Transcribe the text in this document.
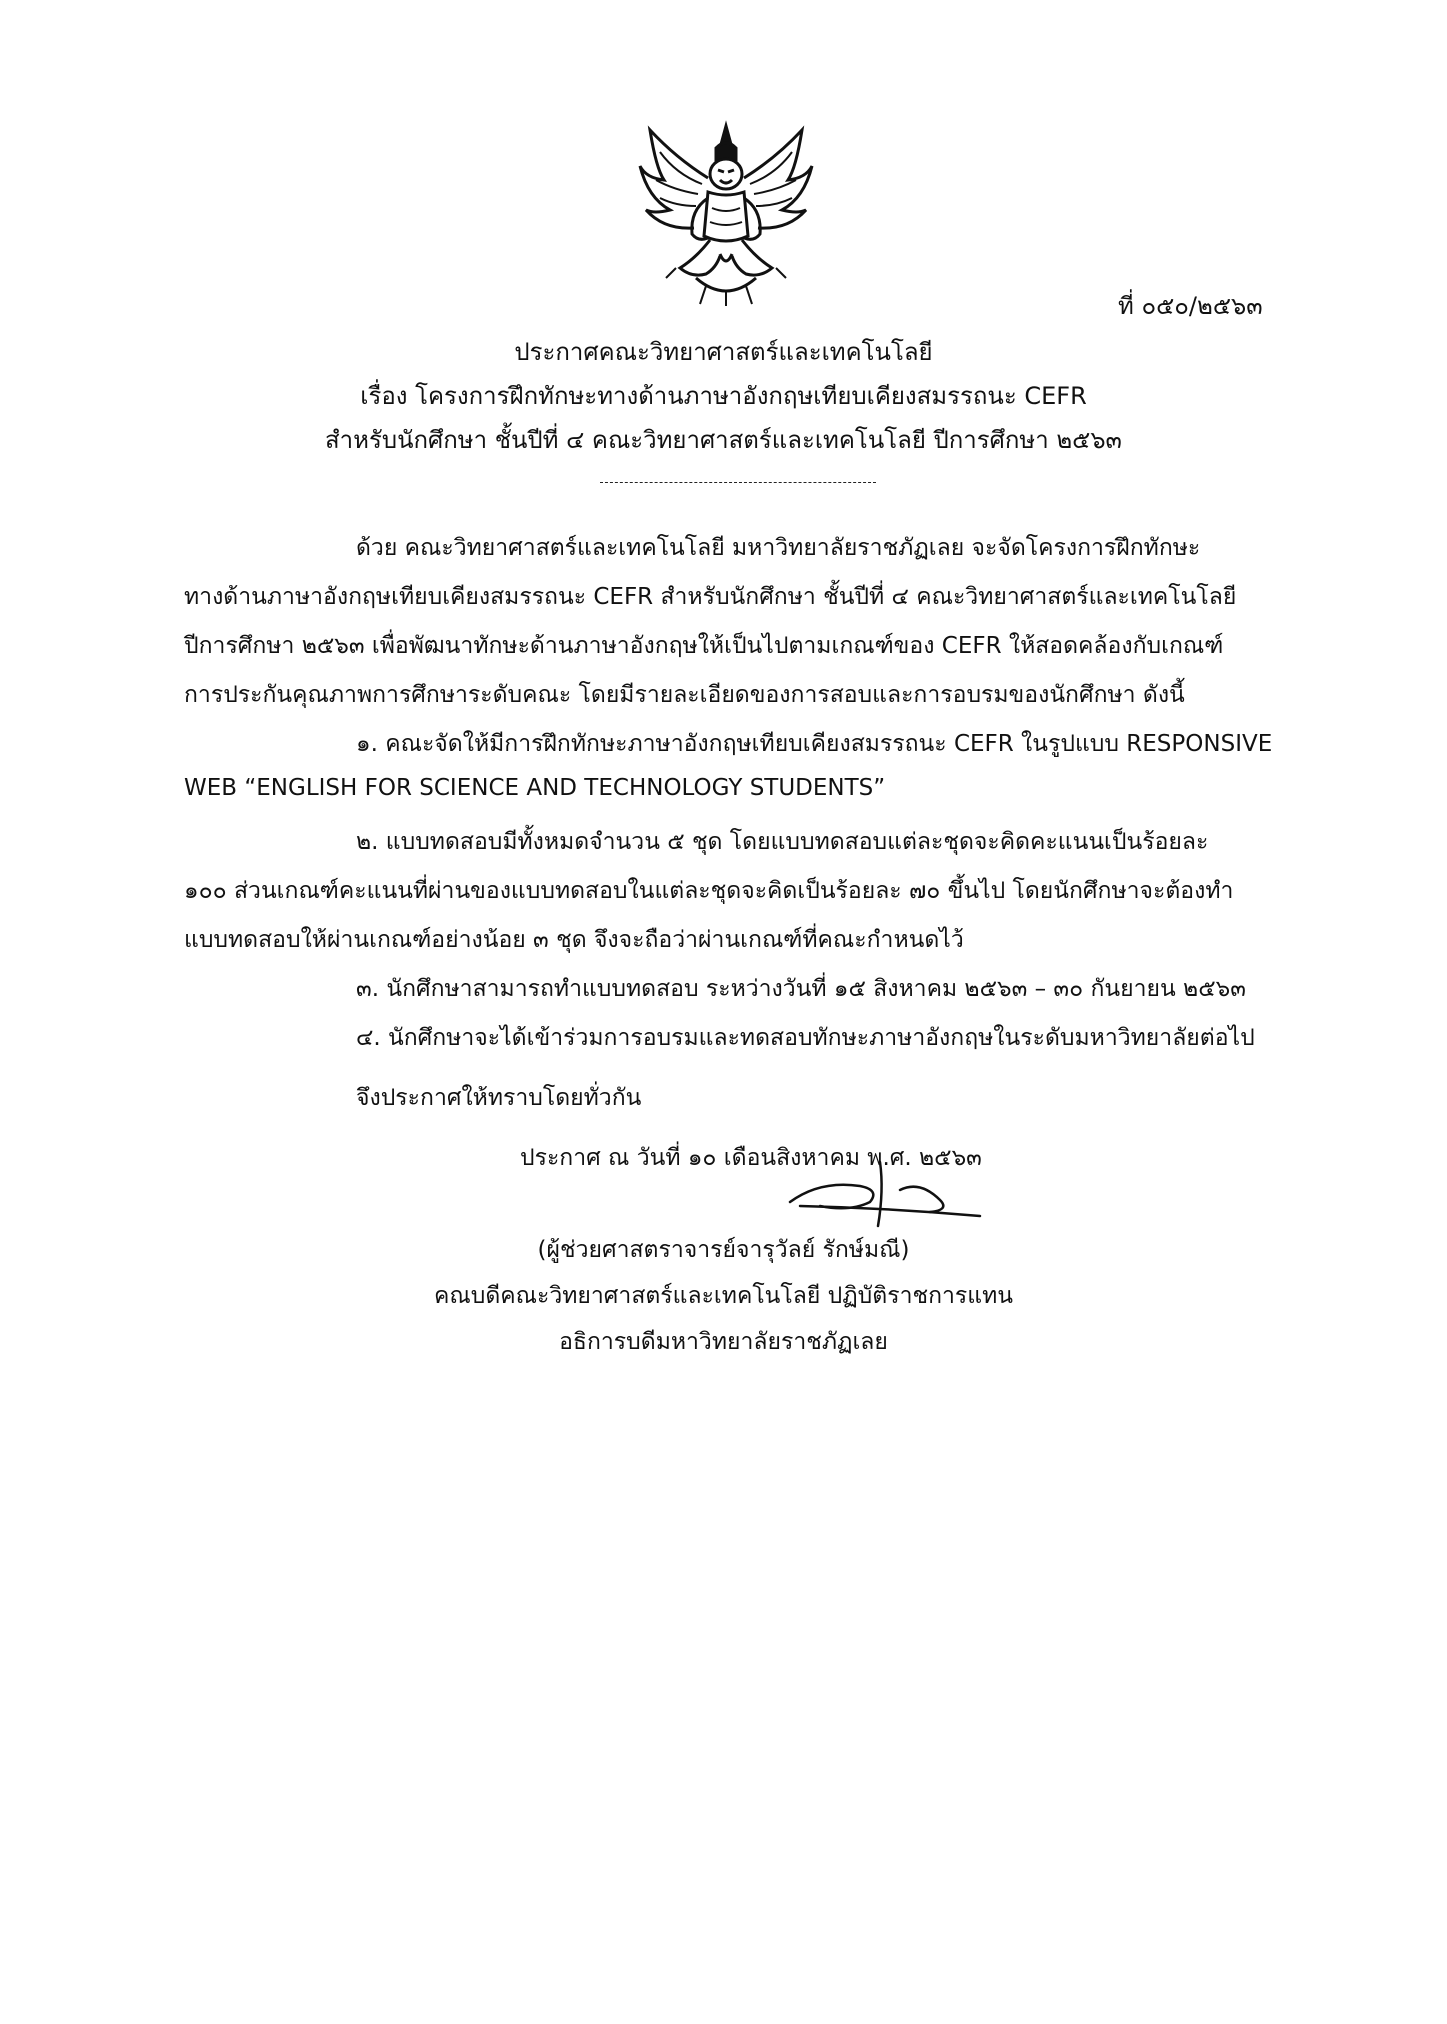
ที่ ๐๕๐/๒๕๖๓
ประกาศคณะวิทยาศาสตร์และเทคโนโลยี
เรื่อง โครงการฝึกทักษะทางด้านภาษาอังกฤษเทียบเคียงสมรรถนะ CEFR
สำหรับนักศึกษา ชั้นปีที่ ๔ คณะวิทยาศาสตร์และเทคโนโลยี ปีการศึกษา ๒๕๖๓
ด้วย คณะวิทยาศาสตร์และเทคโนโลยี มหาวิทยาลัยราชภัฏเลย จะจัดโครงการฝึกทักษะ
ทางด้านภาษาอังกฤษเทียบเคียงสมรรถนะ CEFR สำหรับนักศึกษา ชั้นปีที่ ๔ คณะวิทยาศาสตร์และเทคโนโลยี
ปีการศึกษา ๒๕๖๓ เพื่อพัฒนาทักษะด้านภาษาอังกฤษให้เป็นไปตามเกณฑ์ของ CEFR ให้สอดคล้องกับเกณฑ์
การประกันคุณภาพการศึกษาระดับคณะ โดยมีรายละเอียดของการสอบและการอบรมของนักศึกษา ดังนี้
๑. คณะจัดให้มีการฝึกทักษะภาษาอังกฤษเทียบเคียงสมรรถนะ CEFR ในรูปแบบ RESPONSIVE
WEB “ENGLISH FOR SCIENCE AND TECHNOLOGY STUDENTS”
๒. แบบทดสอบมีทั้งหมดจำนวน ๕ ชุด โดยแบบทดสอบแต่ละชุดจะคิดคะแนนเป็นร้อยละ
๑๐๐ ส่วนเกณฑ์คะแนนที่ผ่านของแบบทดสอบในแต่ละชุดจะคิดเป็นร้อยละ ๗๐ ขึ้นไป โดยนักศึกษาจะต้องทำ
แบบทดสอบให้ผ่านเกณฑ์อย่างน้อย ๓ ชุด จึงจะถือว่าผ่านเกณฑ์ที่คณะกำหนดไว้
๓. นักศึกษาสามารถทำแบบทดสอบ ระหว่างวันที่ ๑๕ สิงหาคม ๒๕๖๓ – ๓๐ กันยายน ๒๕๖๓
๔. นักศึกษาจะได้เข้าร่วมการอบรมและทดสอบทักษะภาษาอังกฤษในระดับมหาวิทยาลัยต่อไป
จึงประกาศให้ทราบโดยทั่วกัน
ประกาศ ณ วันที่ ๑๐ เดือนสิงหาคม พ.ศ. ๒๕๖๓
(ผู้ช่วยศาสตราจารย์จารุวัลย์ รักษ์มณี)
คณบดีคณะวิทยาศาสตร์และเทคโนโลยี ปฏิบัติราชการแทน
อธิการบดีมหาวิทยาลัยราชภัฏเลย
